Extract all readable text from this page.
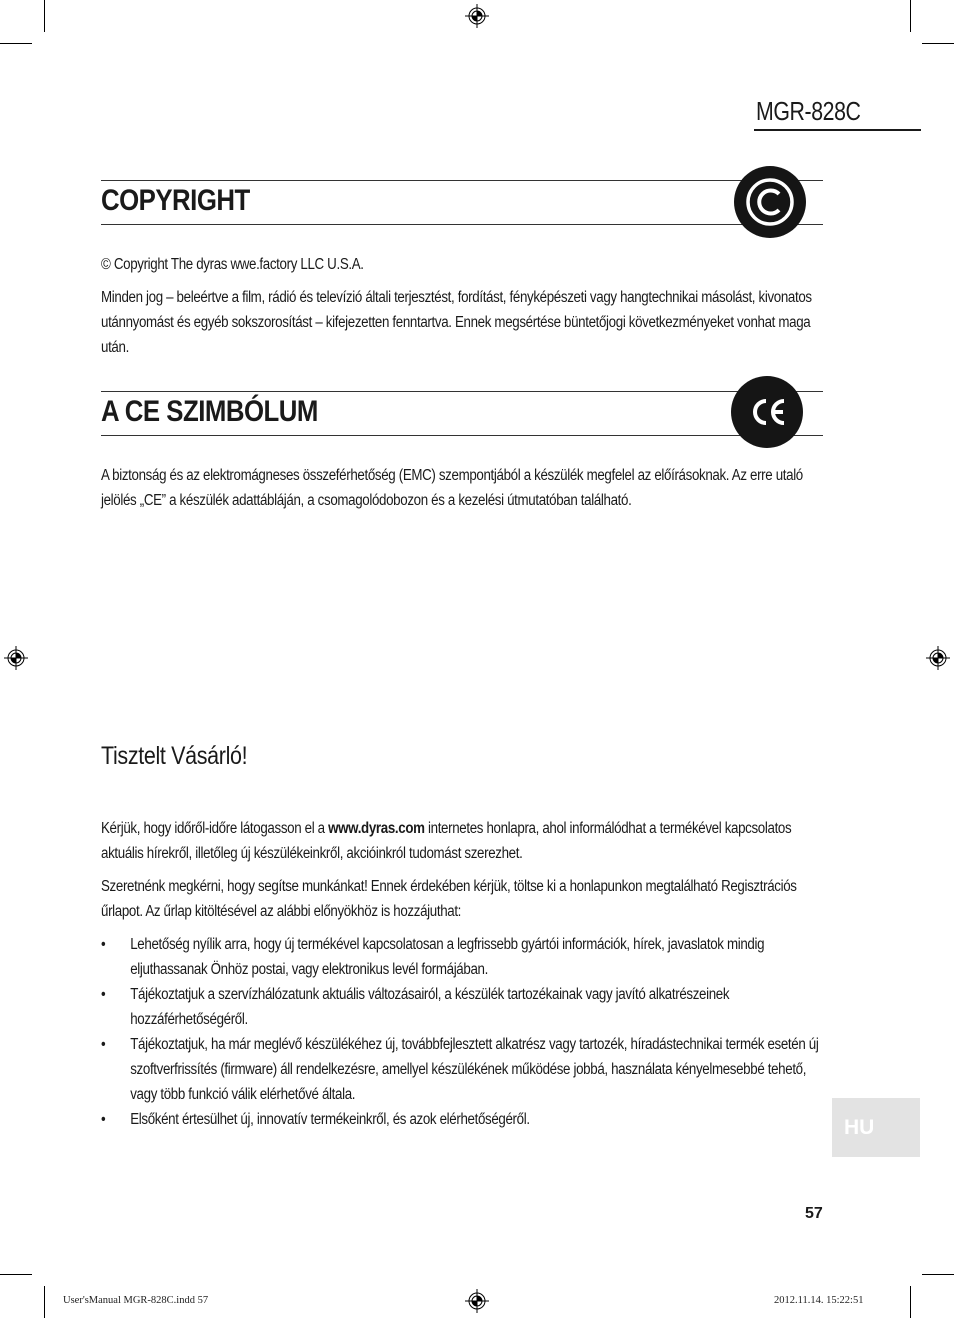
MGR-828C
COPYRIGHT
© Copyright The dyras wwe.factory LLC U.S.A.
Minden jog – beleértve a film, rádió és televízió általi terjesztést, fordítást, fényképészeti vagy hangtechnikai másolást, kivonatos utánnyomást és egyéb sokszorosítást – kifejezetten fenntartva. Ennek megsértése büntetőjogi következményeket vonhat maga után.
A CE SZIMBÓLUM
A biztonság és az elektromágneses összeférhetőség (EMC) szempontjából a készülék megfelel az előírásoknak. Az erre utaló jelölés „CE” a készülék adattábláján, a csomagolódobozon és a kezelési útmutatóban található.
Tisztelt Vásárló!
Kérjük, hogy időről-időre látogasson el a www.dyras.com internetes honlapra, ahol informálódhat a termékével kapcsolatos aktuális hírekről, illetőleg új készülékeinkről, akcióinkról tudomást szerezhet.
Szeretnénk megkérni, hogy segítse munkánkat! Ennek érdekében kérjük, töltse ki a honlapunkon megtalálható Regisztrációs űrlapot. Az űrlap kitöltésével az alábbi előnyökhöz is hozzájuthat:
• Lehetőség nyílik arra, hogy új termékével kapcsolatosan a legfrissebb gyártói információk, hírek, javaslatok mindig eljuthassanak Önhöz postai, vagy elektronikus levél formájában.
• Tájékoztatjuk a szervízhálózatunk aktuális változásairól, a készülék tartozékainak vagy javító alkatrészeinek hozzáférhetőségéről.
• Tájékoztatjuk, ha már meglévő készülékéhez új, továbbfejlesztett alkatrész vagy tartozék, híradástechnikai termék esetén új szoftverfrissítés (firmware) áll rendelkezésre, amellyel készülékének működése jobbá, használata kényelmesebbé tehető, vagy több funkció válik elérhetővé általa.
• Elsőként értesülhet új, innovatív termékeinkről, és azok elérhetőségéről.	HU
57
User'sManual MGR-828C.indd 57	2012.11.14. 15:22:51
